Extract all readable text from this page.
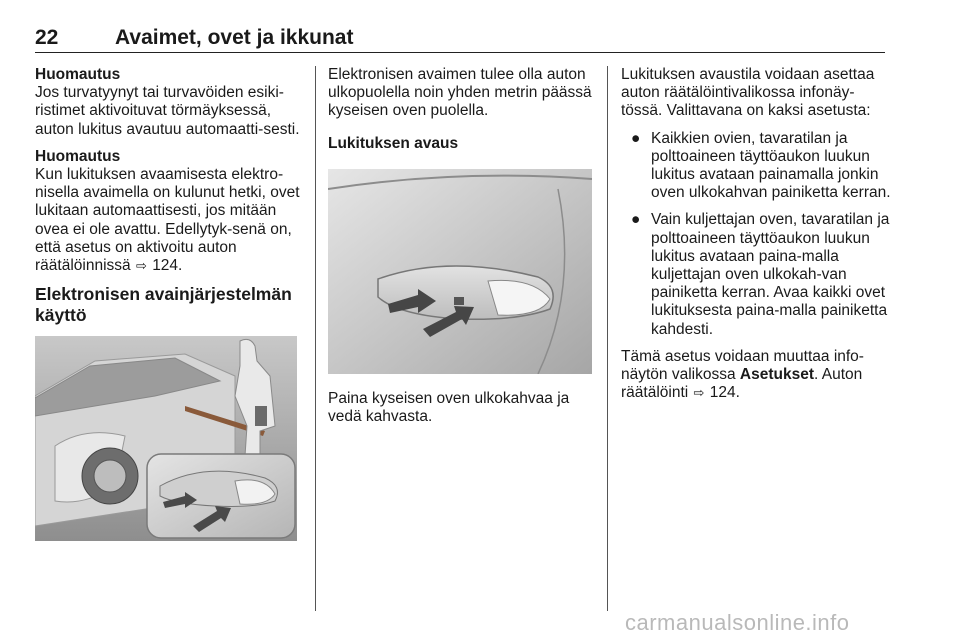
22	Avaimet, ovet ja ikkunat

Huomautus
Jos turvatyynyt tai turvavöiden esiki-ristimet aktivoituvat törmäyksessä, auton lukitus avautuu automaatti-sesti.

Huomautus
Kun lukituksen avaamisesta elektro-nisella avaimella on kulunut hetki, ovet lukitaan automaattisesti, jos mitään ovea ei ole avattu. Edellytyk-senä on, että asetus on aktivoitu auton räätälöinnissä ⇨ 124.

Elektronisen avainjärjestelmän käyttö

Elektronisen avaimen tulee olla auton ulkopuolella noin yhden metrin päässä kyseisen oven puolella.

Lukituksen avaus

Paina kyseisen oven ulkokahvaa ja vedä kahvasta.

Lukituksen avaustila voidaan asettaa auton räätälöintivalikossa infonäy-tössä. Valittavana on kaksi asetusta:

● Kaikkien ovien, tavaratilan ja polttoaineen täyttöaukon luukun lukitus avataan painamalla jonkin oven ulkokahvan painiketta kerran.
● Vain kuljettajan oven, tavaratilan ja polttoaineen täyttöaukon luukun lukitus avataan paina-malla kuljettajan oven ulkokah-van painiketta kerran. Avaa kaikki ovet lukituksesta paina-malla painiketta kahdesti.

Tämä asetus voidaan muuttaa info-näytön valikossa Asetukset. Auton räätälöinti ⇨ 124.

carmanualsonline.info
